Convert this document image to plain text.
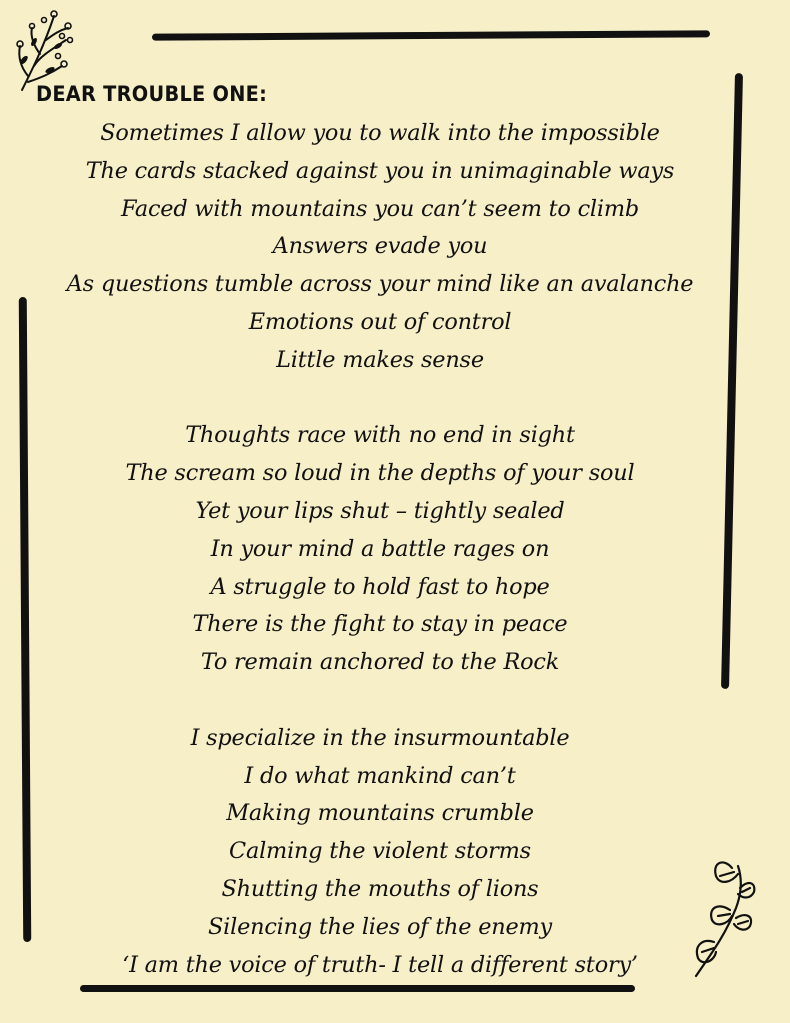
DEAR TROUBLE ONE:
Sometimes I allow you to walk into the impossible
The cards stacked against you in unimaginable ways
Faced with mountains you can’t seem to climb
Answers evade you
As questions tumble across your mind like an avalanche
Emotions out of control
Little makes sense
Thoughts race with no end in sight
The scream so loud in the depths of your soul
Yet your lips shut – tightly sealed
In your mind a battle rages on
A struggle to hold fast to hope
There is the fight to stay in peace
To remain anchored to the Rock
I specialize in the insurmountable
I do what mankind can’t
Making mountains crumble
Calming the violent storms
Shutting the mouths of lions
Silencing the lies of the enemy
‘I am the voice of truth- I tell a different story’
